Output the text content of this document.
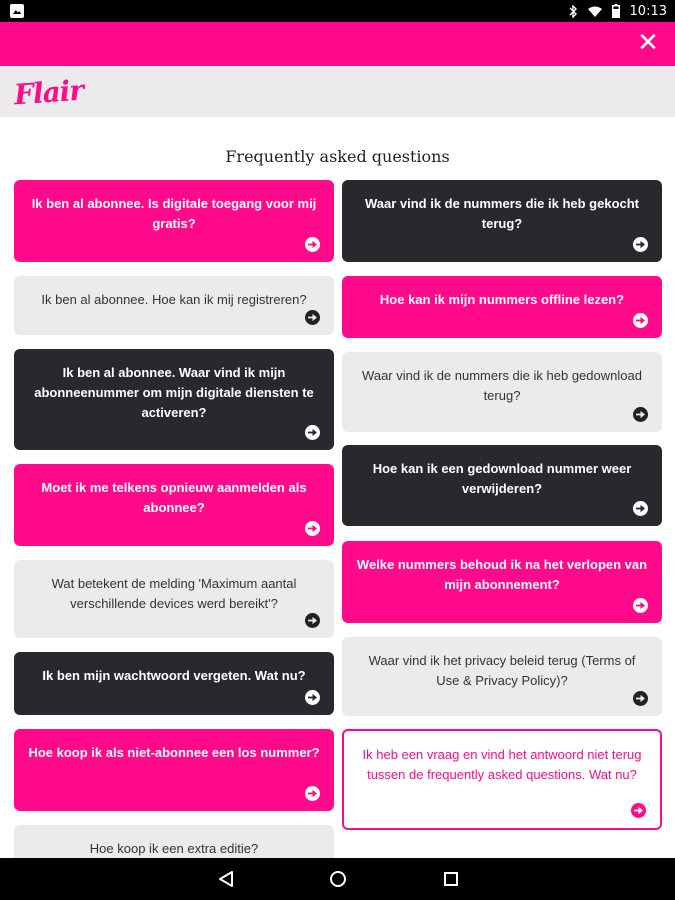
10:13
✕
Flair
Frequently asked questions
Ik ben al abonnee. Is digitale toegang voor mij gratis?
Ik ben al abonnee. Hoe kan ik mij registreren?
Ik ben al abonnee. Waar vind ik mijn abonneenummer om mijn digitale diensten te activeren?
Moet ik me telkens opnieuw aanmelden als abonnee?
Wat betekent de melding 'Maximum aantal verschillende devices werd bereikt'?
Ik ben mijn wachtwoord vergeten. Wat nu?
Hoe koop ik als niet-abonnee een los nummer?
Hoe koop ik een extra editie?
Waar vind ik de nummers die ik heb gekocht terug?
Hoe kan ik mijn nummers offline lezen?
Waar vind ik de nummers die ik heb gedownload terug?
Hoe kan ik een gedownload nummer weer verwijderen?
Welke nummers behoud ik na het verlopen van mijn abonnement?
Waar vind ik het privacy beleid terug (Terms of Use & Privacy Policy)?
Ik heb een vraag en vind het antwoord niet terug tussen de frequently asked questions. Wat nu?
